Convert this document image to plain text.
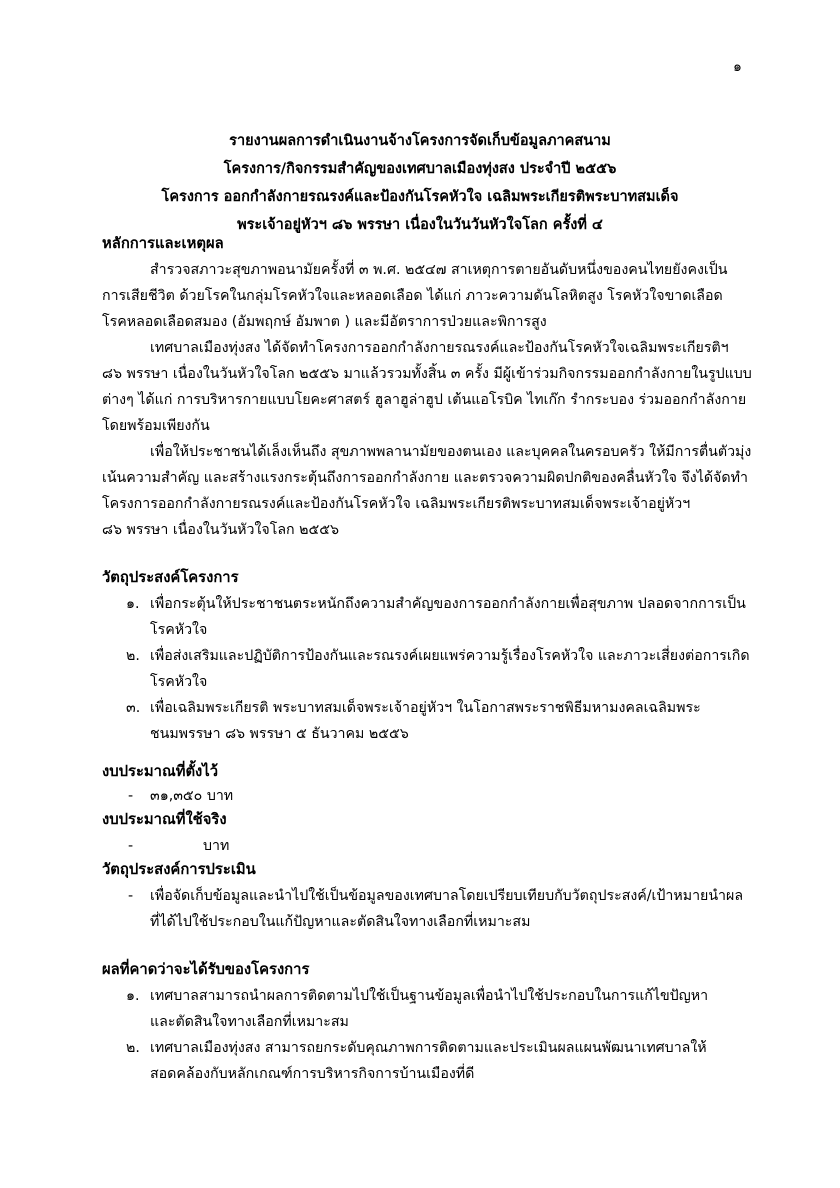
๑
รายงานผลการดำเนินงานจ้างโครงการจัดเก็บข้อมูลภาคสนาม
โครงการ/กิจกรรมสำคัญของเทศบาลเมืองทุ่งสง ประจำปี ๒๕๕๖
โครงการ ออกกำลังกายรณรงค์และป้องกันโรคหัวใจ เฉลิมพระเกียรติพระบาทสมเด็จ
พระเจ้าอยู่หัวฯ ๘๖ พรรษา เนื่องในวันวันหัวใจโลก ครั้งที่ ๔
หลักการและเหตุผล
สำรวจสภาวะสุขภาพอนามัยครั้งที่ ๓ พ.ศ. ๒๕๔๗ สาเหตุการตายอันดับหนึ่งของคนไทยยังคงเป็น
การเสียชีวิต ด้วยโรคในกลุ่มโรคหัวใจและหลอดเลือด ได้แก่ ภาวะความดันโลหิตสูง โรคหัวใจขาดเลือด
โรคหลอดเลือดสมอง (อัมพฤกษ์ อัมพาต ) และมีอัตราการป่วยและพิการสูง
เทศบาลเมืองทุ่งสง ได้จัดทำโครงการออกกำลังกายรณรงค์และป้องกันโรคหัวใจเฉลิมพระเกียรติฯ
๘๖ พรรษา เนื่องในวันหัวใจโลก ๒๕๕๖ มาแล้วรวมทั้งสิ้น ๓ ครั้ง มีผู้เข้าร่วมกิจกรรมออกกำลังกายในรูปแบบ
ต่างๆ ได้แก่ การบริหารกายแบบโยคะศาสตร์ ฮูลาฮูล่าฮูป เต้นแอโรบิค ไทเก๊ก รำกระบอง ร่วมออกกำลังกาย
โดยพร้อมเพียงกัน
เพื่อให้ประชาชนได้เล็งเห็นถึง สุขภาพพลานามัยของตนเอง และบุคคลในครอบครัว ให้มีการตื่นตัวมุ่ง
เน้นความสำคัญ และสร้างแรงกระตุ้นถึงการออกกำลังกาย และตรวจความผิดปกติของคลื่นหัวใจ จึงได้จัดทำ
โครงการออกกำลังกายรณรงค์และป้องกันโรคหัวใจ เฉลิมพระเกียรติพระบาทสมเด็จพระเจ้าอยู่หัวฯ
๘๖ พรรษา เนื่องในวันหัวใจโลก ๒๕๕๖
วัตถุประสงค์โครงการ
๑. เพื่อกระตุ้นให้ประชาชนตระหนักถึงความสำคัญของการออกกำลังกายเพื่อสุขภาพ ปลอดจากการเป็น
โรคหัวใจ
๒. เพื่อส่งเสริมและปฏิบัติการป้องกันและรณรงค์เผยแพร่ความรู้เรื่องโรคหัวใจ และภาวะเสี่ยงต่อการเกิด
โรคหัวใจ
๓. เพื่อเฉลิมพระเกียรติ พระบาทสมเด็จพระเจ้าอยู่หัวฯ ในโอกาสพระราชพิธีมหามงคลเฉลิมพระ
ชนมพรรษา ๘๖ พรรษา ๕ ธันวาคม ๒๕๕๖
งบประมาณที่ตั้งไว้
- ๓๑,๓๕๐ บาท
งบประมาณที่ใช้จริง
-	บาท
วัตถุประสงค์การประเมิน
- เพื่อจัดเก็บข้อมูลและนำไปใช้เป็นข้อมูลของเทศบาลโดยเปรียบเทียบกับวัตถุประสงค์/เป้าหมายนำผล
ที่ได้ไปใช้ประกอบในแก้ปัญหาและตัดสินใจทางเลือกที่เหมาะสม
ผลที่คาดว่าจะได้รับของโครงการ
๑. เทศบาลสามารถนำผลการติดตามไปใช้เป็นฐานข้อมูลเพื่อนำไปใช้ประกอบในการแก้ไขปัญหา
และตัดสินใจทางเลือกที่เหมาะสม
๒. เทศบาลเมืองทุ่งสง สามารถยกระดับคุณภาพการติดตามและประเมินผลแผนพัฒนาเทศบาลให้
สอดคล้องกับหลักเกณฑ์การบริหารกิจการบ้านเมืองที่ดี
